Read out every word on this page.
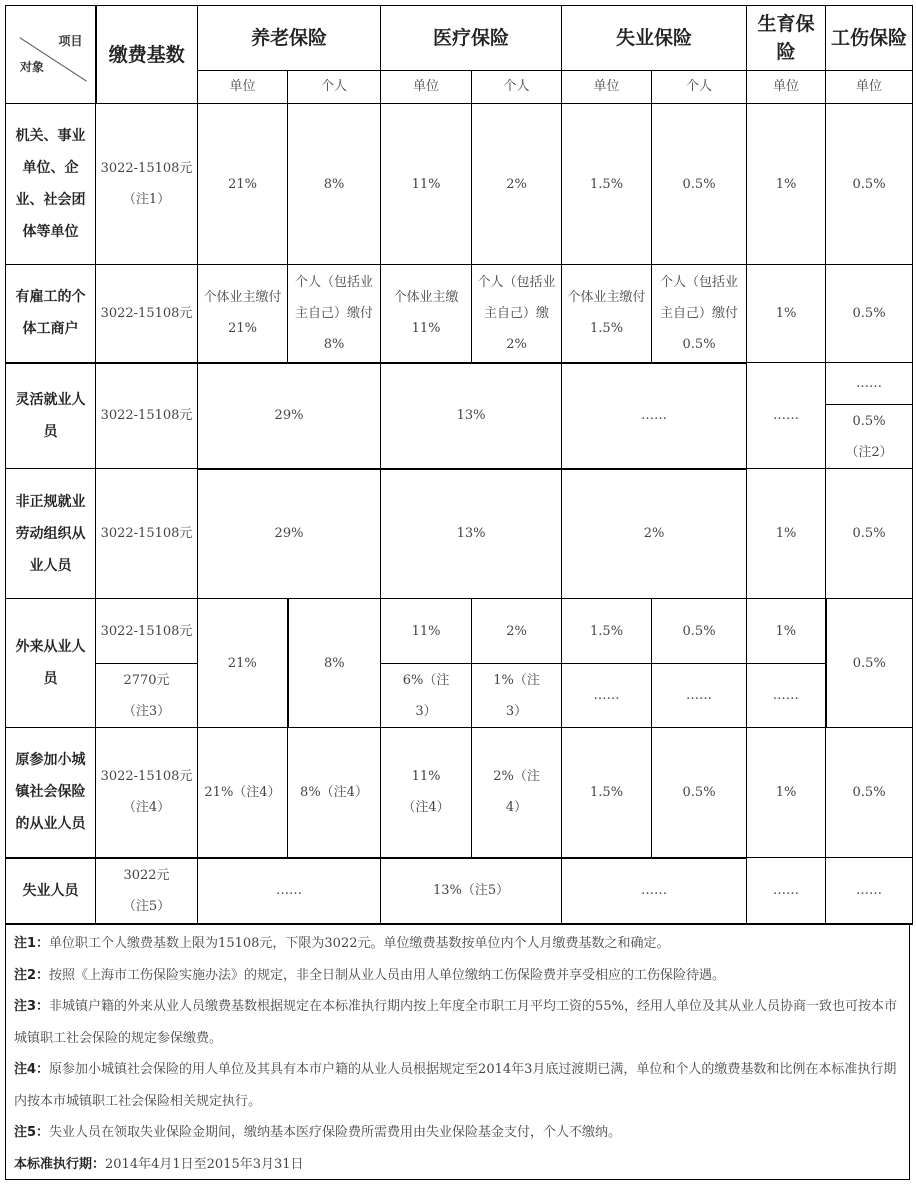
项目
对象	缴费基数	养老保险		医疗保险		失业保险		生育保险	工伤保险
		单位	个人	单位	个人	单位	个人	单位	单位
机关、事业单位、企业、社会团体等单位	3022-15108元（注1）	21%	8%	11%	2%	1.5%	0.5%	1%	0.5%
有雇工的个体工商户	3022-15108元	个体业主缴付21%	个人（包括业主自己）缴付8%	个体业主缴11%	个人（包括业主自己）缴2%	个体业主缴付1.5%	个人（包括业主自己）缴付0.5%	1%	0.5%
灵活就业人员	3022-15108元	29%		13%		……		……	……
									0.5%（注2）
非正规就业劳动组织从业人员	3022-15108元	29%		13%		2%		1%	0.5%
外来从业人员	3022-15108元	21%	8%	11%	2%	1.5%	0.5%	1%	0.5%
	2770元（注3）			6%（注3）	1%（注3）	……	……	……	
原参加小城镇社会保险的从业人员	3022-15108元（注4）	21%（注4）	8%（注4）	11%（注4）	2%（注4）	1.5%	0.5%	1%	0.5%
失业人员	3022元（注5）	……		13%（注5）		……		……	……
注1：单位职工个人缴费基数上限为15108元，下限为3022元。单位缴费基数按单位内个人月缴费基数之和确定。
注2：按照《上海市工伤保险实施办法》的规定，非全日制从业人员由用人单位缴纳工伤保险费并享受相应的工伤保险待遇。
注3：非城镇户籍的外来从业人员缴费基数根据规定在本标准执行期内按上年度全市职工月平均工资的55%，经用人单位及其从业人员协商一致也可按本市城镇职工社会保险的规定参保缴费。
注4：原参加小城镇社会保险的用人单位及其具有本市户籍的从业人员根据规定至2014年3月底过渡期已满，单位和个人的缴费基数和比例在本标准执行期内按本市城镇职工社会保险相关规定执行。
注5：失业人员在领取失业保险金期间，缴纳基本医疗保险费所需费用由失业保险基金支付，个人不缴纳。
本标准执行期：2014年4月1日至2015年3月31日
